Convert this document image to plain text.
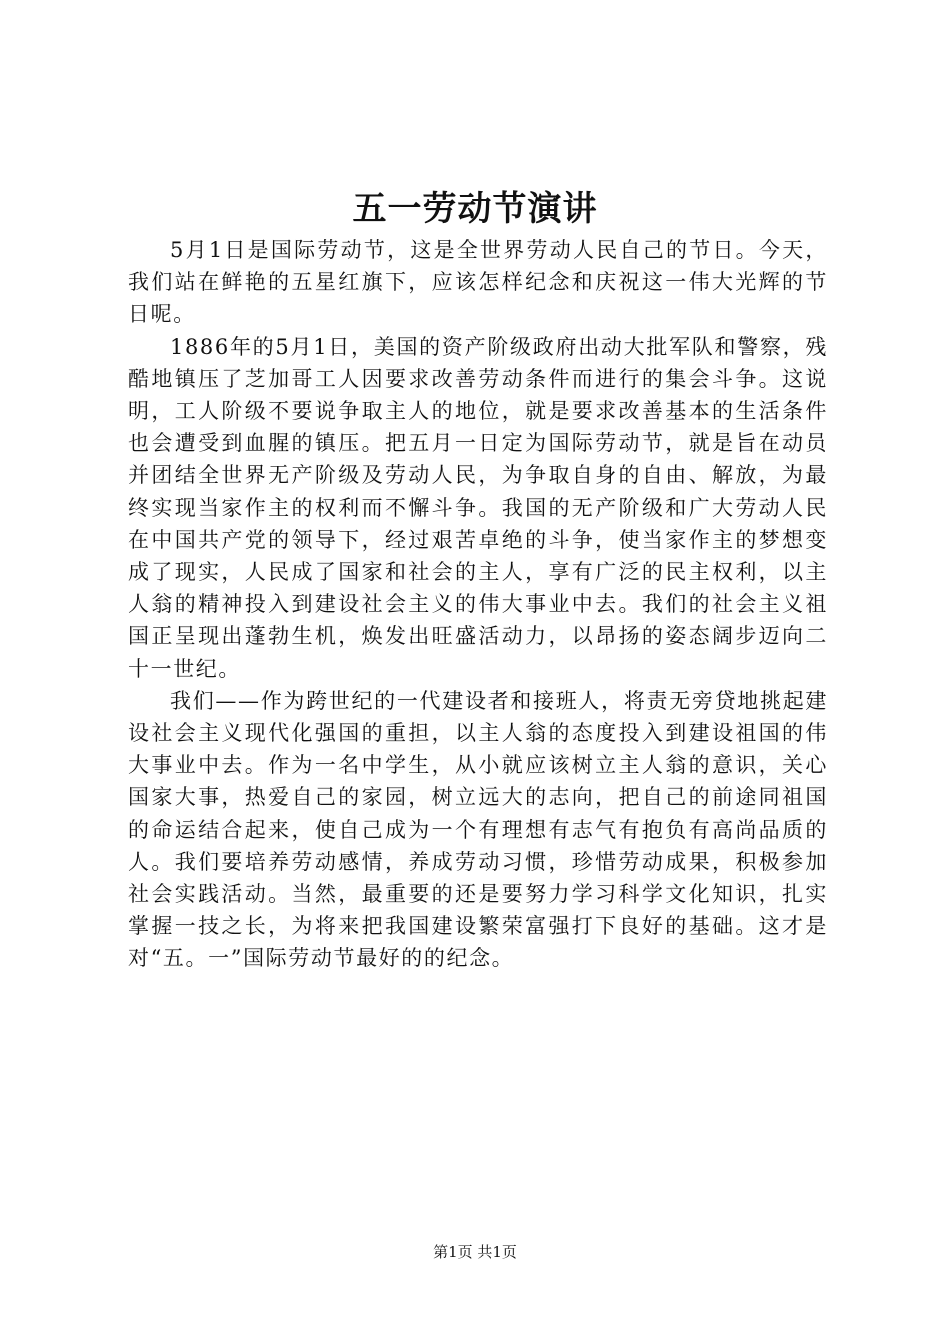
五一劳动节演讲

5月1日是国际劳动节，这是全世界劳动人民自己的节日。今天，我们站在鲜艳的五星红旗下，应该怎样纪念和庆祝这一伟大光辉的节日呢。

1886年的5月1日，美国的资产阶级政府出动大批军队和警察，残酷地镇压了芝加哥工人因要求改善劳动条件而进行的集会斗争。这说明，工人阶级不要说争取主人的地位，就是要求改善基本的生活条件也会遭受到血腥的镇压。把五月一日定为国际劳动节，就是旨在动员并团结全世界无产阶级及劳动人民，为争取自身的自由、解放，为最终实现当家作主的权利而不懈斗争。我国的无产阶级和广大劳动人民在中国共产党的领导下，经过艰苦卓绝的斗争，使当家作主的梦想变成了现实，人民成了国家和社会的主人，享有广泛的民主权利，以主人翁的精神投入到建设社会主义的伟大事业中去。我们的社会主义祖国正呈现出蓬勃生机，焕发出旺盛活动力，以昂扬的姿态阔步迈向二十一世纪。

我们——作为跨世纪的一代建设者和接班人，将责无旁贷地挑起建设社会主义现代化强国的重担，以主人翁的态度投入到建设祖国的伟大事业中去。作为一名中学生，从小就应该树立主人翁的意识，关心国家大事，热爱自己的家园，树立远大的志向，把自己的前途同祖国的命运结合起来，使自己成为一个有理想有志气有抱负有高尚品质的人。我们要培养劳动感情，养成劳动习惯，珍惜劳动成果，积极参加社会实践活动。当然，最重要的还是要努力学习科学文化知识，扎实掌握一技之长，为将来把我国建设繁荣富强打下良好的基础。这才是对“五。一”国际劳动节最好的的纪念。

第1页 共1页
